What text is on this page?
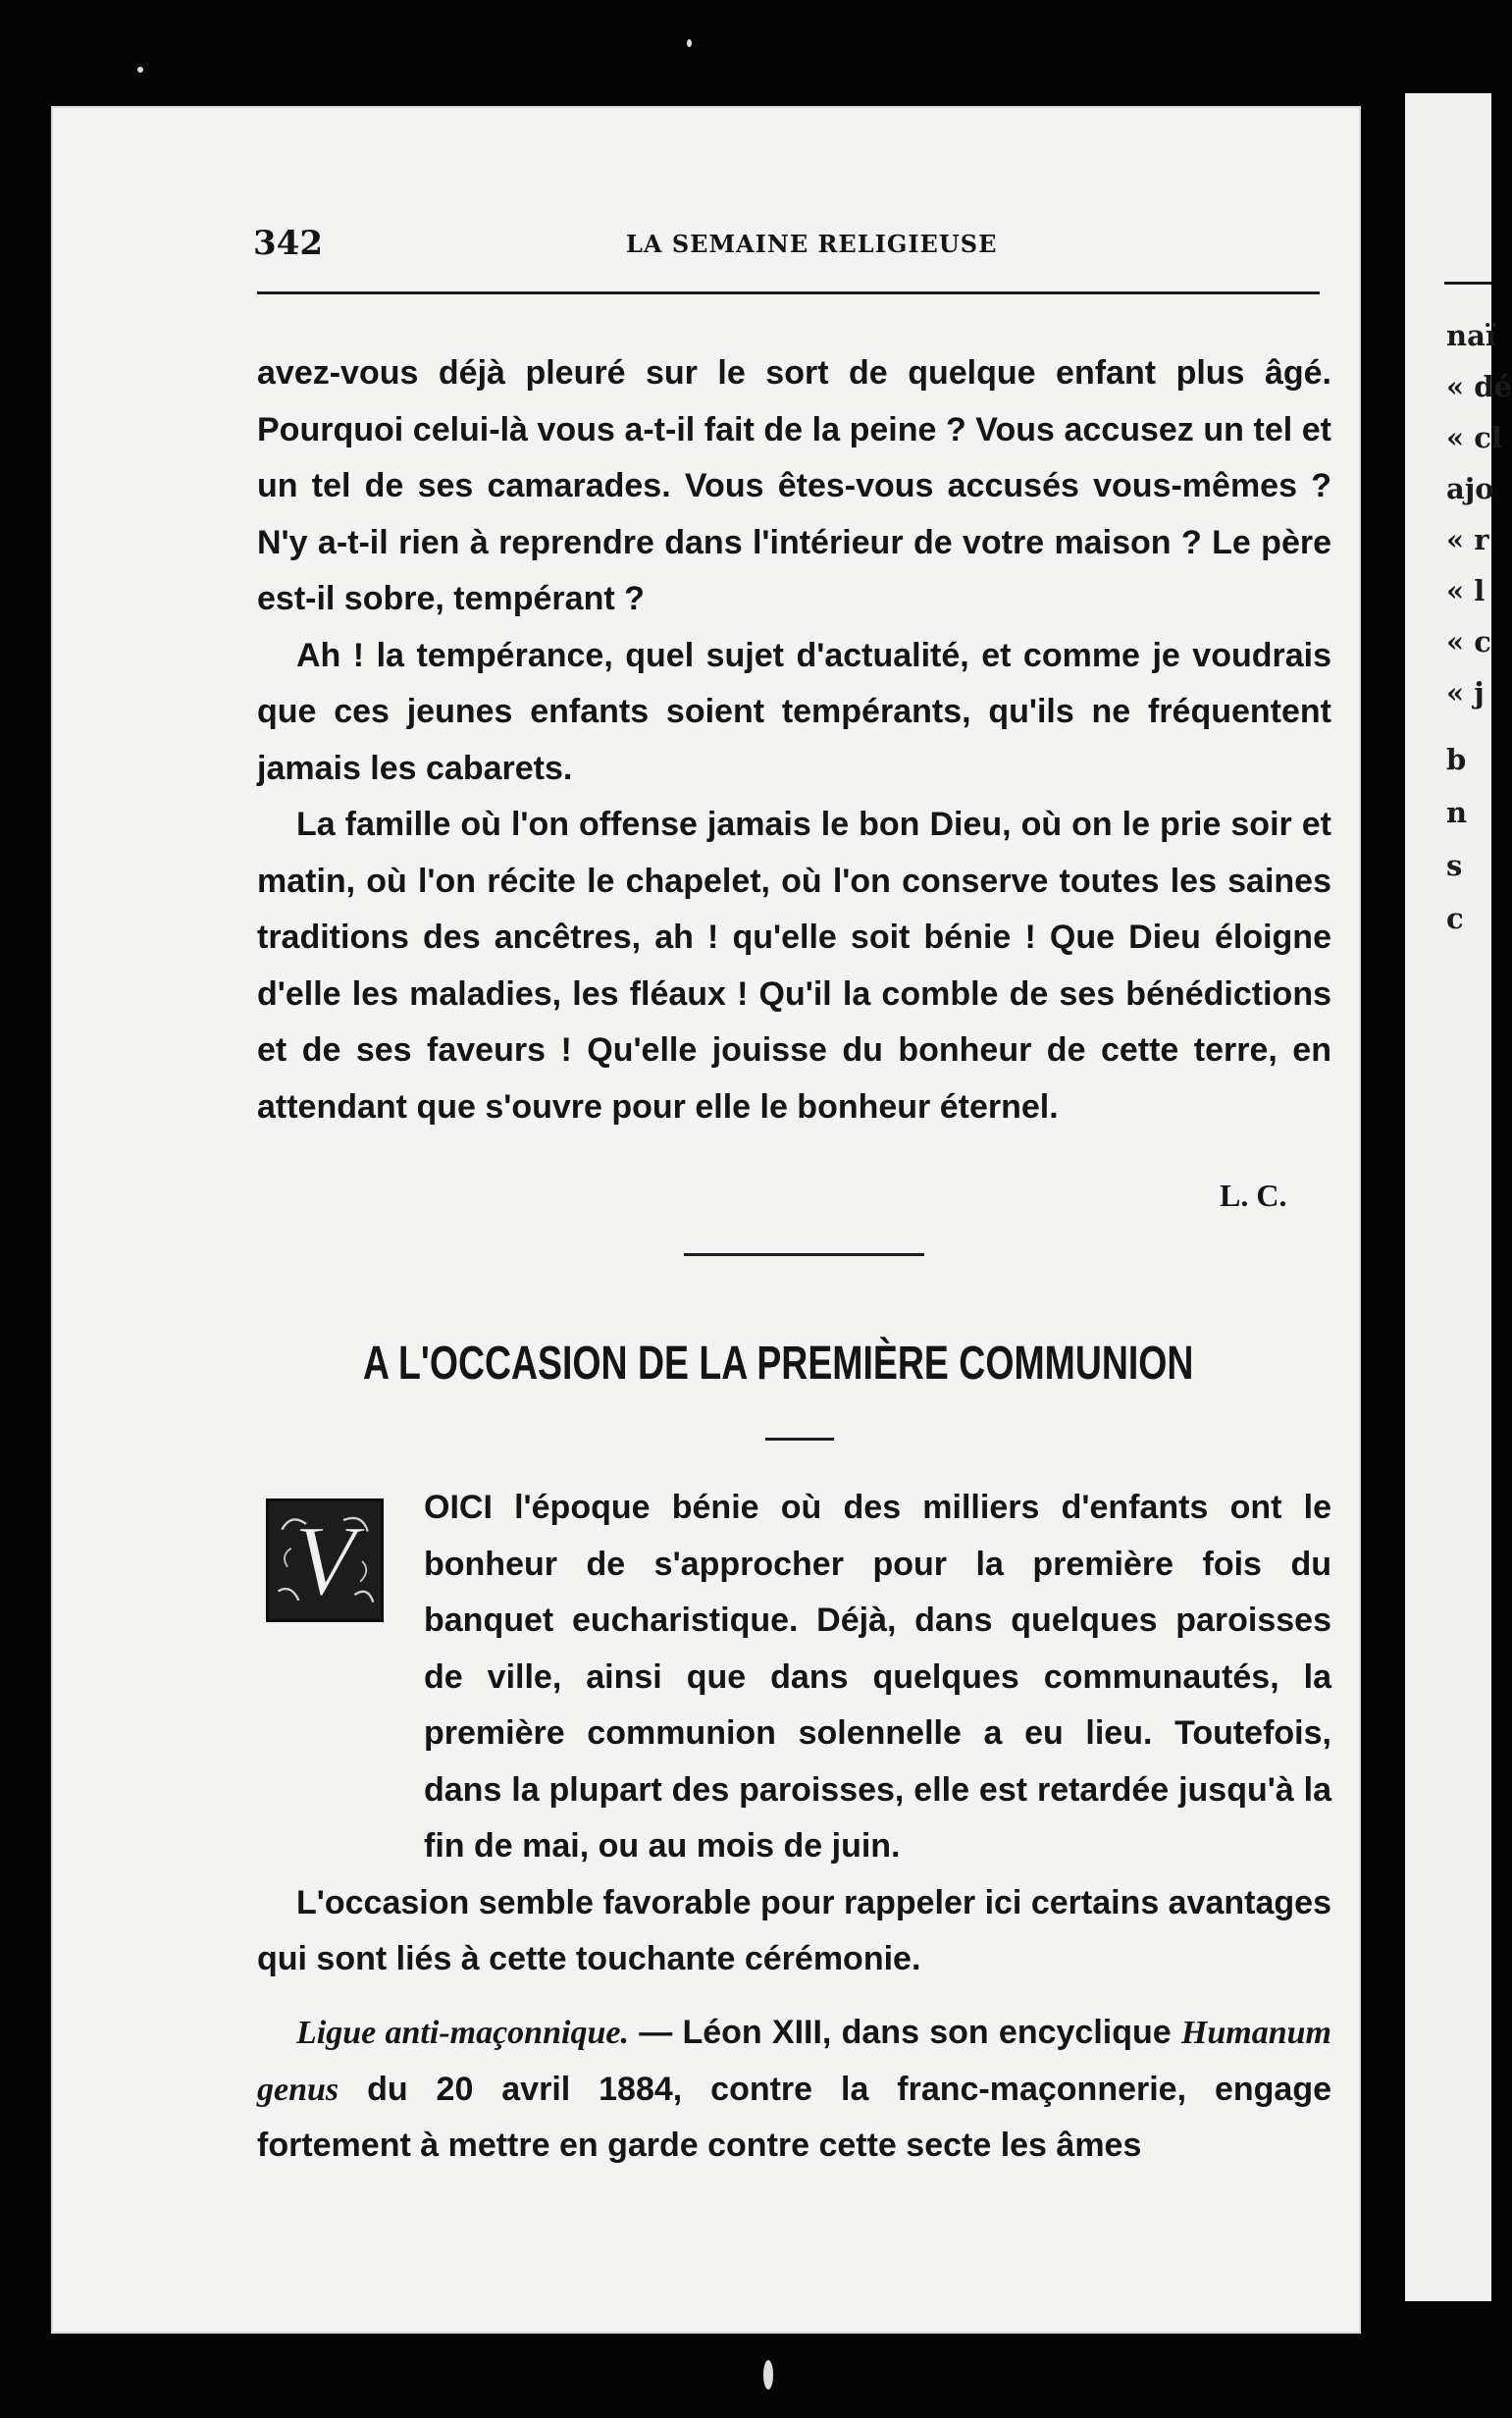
naï
« dé
« cl
ajo
« r
« l
« c
« j
b
n
s
c
342	LA SEMAINE RELIGIEUSE

avez-vous déjà pleuré sur le sort de quelque enfant plus âgé. Pourquoi celui-là vous a-t-il fait de la peine ? Vous accusez un tel et un tel de ses camarades. Vous êtes-vous accusés vous-mêmes ? N'y a-t-il rien à reprendre dans l'intérieur de votre maison ? Le père est-il sobre, tempérant ?

Ah ! la tempérance, quel sujet d'actualité, et comme je voudrais que ces jeunes enfants soient tempérants, qu'ils ne fréquentent jamais les cabarets.

La famille où l'on offense jamais le bon Dieu, où on le prie soir et matin, où l'on récite le chapelet, où l'on conserve toutes les saines traditions des ancêtres, ah ! qu'elle soit bénie ! Que Dieu éloigne d'elle les maladies, les fléaux ! Qu'il la comble de ses bénédictions et de ses faveurs ! Qu'elle jouisse du bonheur de cette terre, en attendant que s'ouvre pour elle le bonheur éternel.

L. C.
A L'OCCASION DE LA PREMIÈRE COMMUNION
V	OICI l'époque bénie où des milliers d'enfants ont le bonheur de s'approcher pour la première fois du banquet eucharistique. Déjà, dans quelques paroisses de ville, ainsi que dans quelques communautés, la première communion solennelle a eu lieu. Toutefois, dans la plupart des paroisses, elle est retardée jusqu'à la fin de mai, ou au mois de juin.

L'occasion semble favorable pour rappeler ici certains avantages qui sont liés à cette touchante cérémonie.

Ligue anti-maçonnique. — Léon XIII, dans son encyclique Humanum genus du 20 avril 1884, contre la franc-maçonnerie, engage fortement à mettre en garde contre cette secte les âmes
